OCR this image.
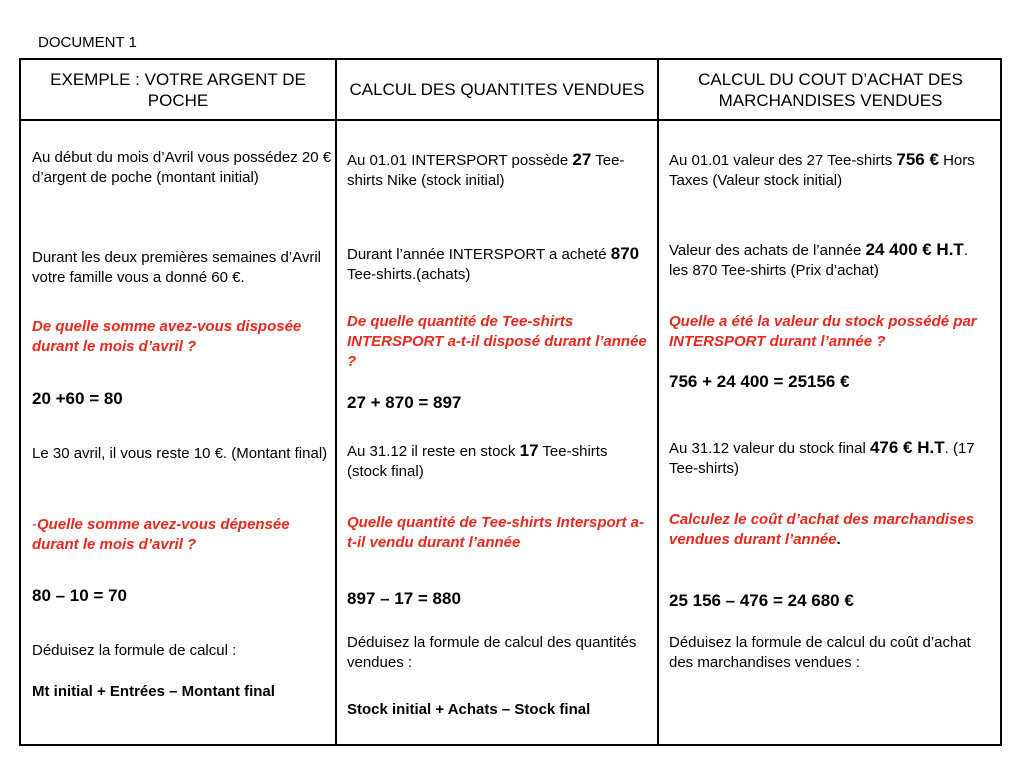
DOCUMENT 1
EXEMPLE : VOTRE ARGENT DE POCHE
CALCUL DES QUANTITES VENDUES
CALCUL DU COUT D’ACHAT DES MARCHANDISES VENDUES
Au début du mois d’Avril vous possédez 20 € d’argent de poche (montant initial)
Durant les deux premières semaines d’Avril votre famille vous a donné 60 €.
De quelle somme avez-vous disposée durant le mois d’avril ?
20 +60 = 80
Le 30 avril, il vous reste 10 €. (Montant final)
-Quelle somme avez-vous dépensée durant le mois d’avril ?
80 – 10 = 70
Déduisez la formule de calcul :
Mt initial + Entrées – Montant final
Au 01.01 INTERSPORT possède 27 Tee-shirts Nike (stock initial)
Durant l’année INTERSPORT a acheté 870 Tee-shirts.(achats)
De quelle quantité de Tee-shirts INTERSPORT a-t-il disposé durant l’année ?
27 + 870 = 897
Au 31.12 il reste en stock 17 Tee-shirts (stock final)
Quelle quantité de Tee-shirts Intersport a-t-il vendu durant l’année
897 – 17 = 880
Déduisez la formule de calcul des quantités vendues :
Stock initial + Achats – Stock final
Au 01.01 valeur des 27 Tee-shirts 756 € Hors Taxes (Valeur stock initial)
Valeur des achats de l’année 24 400 € H.T. les 870 Tee-shirts (Prix d’achat)
Quelle a été la valeur du stock possédé par INTERSPORT durant l’année ?
756 + 24 400 = 25156 €
Au 31.12 valeur du stock final 476 € H.T. (17 Tee-shirts)
Calculez le coût d’achat des marchandises vendues durant l’année.
25 156 – 476 = 24 680 €
Déduisez la formule de calcul du coût d’achat des marchandises vendues :
